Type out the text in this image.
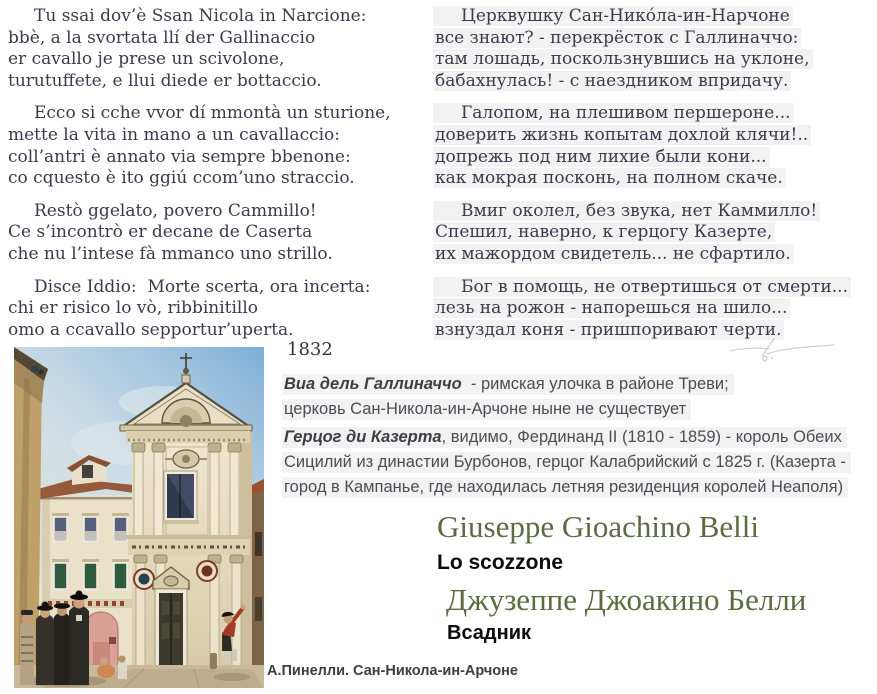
Tu ssai dov’è Ssan Nicola in Narcione:
bbè, a la svortata llí der Gallinaccio
er cavallo je prese un scivolone,
turutuffete, e llui diede er bottaccio.
Ecco si cche vvor dí mmontà un sturione,
mette la vita in mano a un cavallaccio:
coll’antri è annato via sempre bbenone:
co cquesto è ito ggiú ccom’uno straccio.
Restò ggelato, povero Cammillo!
Ce s’incontrò er decane de Caserta
che nu l’intese fà mmanco uno strillo.
Disce Iddio:  Morte scerta, ora incerta:
chi er risico lo vò, ribbinitillo
omo a ccavallo sepportur’uperta.
Церквушку Сан-Нико́ла-ин-Нарчоне
все знают? - перекрёсток с Галлиначчо:
там лошадь, поскользнувшись на уклоне,
бабахнулась! - с наездником впридачу.
Галопом, на плешивом першероне...
доверить жизнь копытам дохлой клячи!..
допрежь под ним лихие были кони...
как мокрая посконь, на полном скаче.
Вмиг околел, без звука, нет Каммилло!
Спешил, наверно, к герцогу Казерте,
их мажордом свидетель... не сфартило.
Бог в помощь, не отвертишься от смерти...
лезь на рожон - напорешься на шило...
взнуздал коня - пришпоривают черти.
1832
Виа дель Галлиначчо  - римская улочка в районе Треви;
церковь Сан-Никола-ин-Арчоне ныне не существует
Герцог ди Казерта, видимо, Фердинанд II (1810 - 1859) - король Обеих
Сицилий из династии Бурбонов, герцог Калабрийский с 1825 г. (Казерта -
город в Кампанье, где находилась летняя резиденция королей Неаполя)
А.Пинелли. Сан-Никола-ин-Арчоне
Giuseppe Gioachino Belli
Lo scozzone
Джузеппе Джоакино Белли
Всадник
